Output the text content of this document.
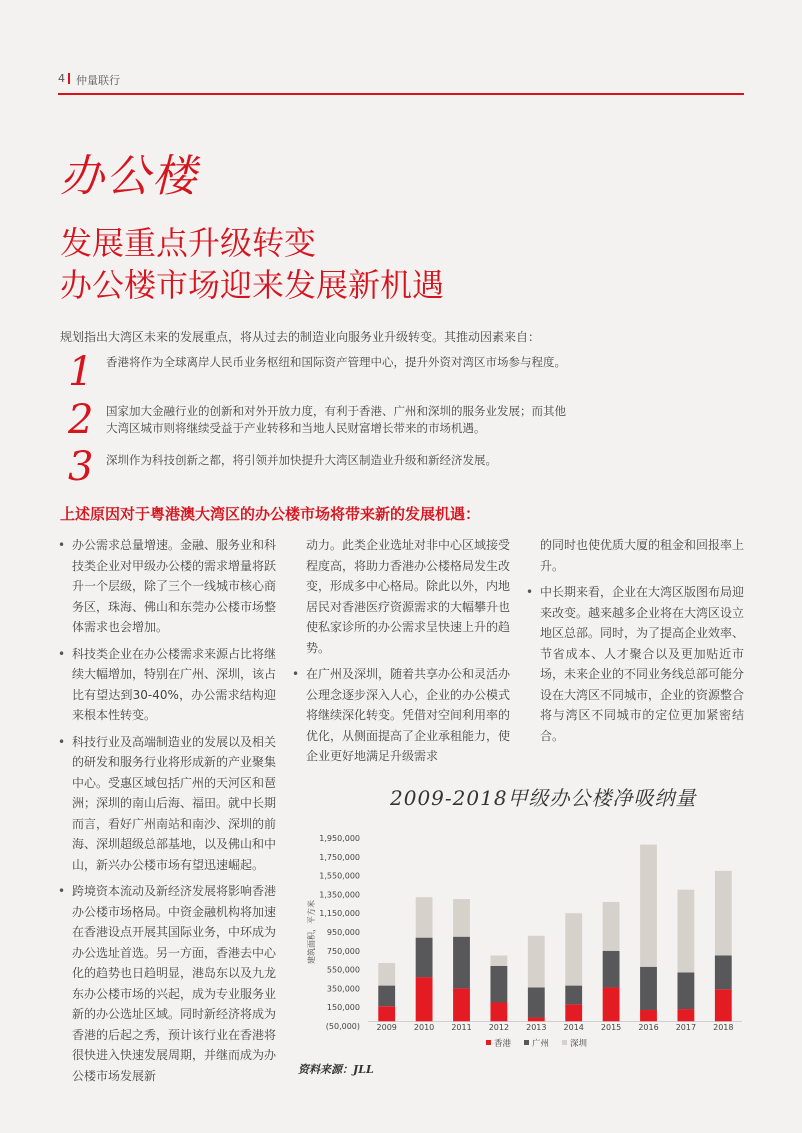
4 仲量联行
办公楼
发展重点升级转变
办公楼市场迎来发展新机遇
规划指出大湾区未来的发展重点，将从过去的制造业向服务业升级转变。其推动因素来自：
1 香港将作为全球离岸人民币业务枢纽和国际资产管理中心，提升外资对湾区市场参与程度。
2 国家加大金融行业的创新和对外开放力度，有利于香港、广州和深圳的服务业发展；而其他大湾区城市则将继续受益于产业转移和当地人民财富增长带来的市场机遇。
3 深圳作为科技创新之都，将引领并加快提升大湾区制造业升级和新经济发展。
上述原因对于粤港澳大湾区的办公楼市场将带来新的发展机遇：
• 办公需求总量增速。金融、服务业和科技类企业对甲级办公楼的需求增量将跃升一个层级，除了三个一线城市核心商务区，珠海、佛山和东莞办公楼市场整体需求也会增加。
• 科技类企业在办公楼需求来源占比将继续大幅增加，特别在广州、深圳，该占比有望达到30-40%，办公需求结构迎来根本性转变。
• 科技行业及高端制造业的发展以及相关的研发和服务行业将形成新的产业聚集中心。受惠区域包括广州的天河区和琶洲；深圳的南山后海、福田。就中长期而言，看好广州南站和南沙、深圳的前海、深圳超级总部基地，以及佛山和中山，新兴办公楼市场有望迅速崛起。
• 跨境资本流动及新经济发展将影响香港办公楼市场格局。中资金融机构将加速在香港设点开展其国际业务，中环成为办公选址首选。另一方面，香港去中心化的趋势也日趋明显，港岛东以及九龙东办公楼市场的兴起，成为专业服务业新的办公选址区域。同时新经济将成为香港的后起之秀，预计该行业在香港将很快进入快速发展周期，并继而成为办公楼市场发展新

动力。此类企业选址对非中心区域接受程度高，将助力香港办公楼格局发生改变，形成多中心格局。除此以外，内地居民对香港医疗资源需求的大幅攀升也使私家诊所的办公需求呈快速上升的趋势。

• 在广州及深圳，随着共享办公和灵活办公理念逐步深入人心，企业的办公模式将继续深化转变。凭借对空间利用率的优化，从侧面提高了企业承租能力，使企业更好地满足升级需求

的同时也使优质大厦的租金和回报率上升。

• 中长期来看，企业在大湾区版图布局迎来改变。越来越多企业将在大湾区设立地区总部。同时，为了提高企业效率、节省成本、人才聚合以及更加贴近市场，未来企业的不同业务线总部可能分设在大湾区不同城市，企业的资源整合将与湾区不同城市的定位更加紧密结合。
2009-2018甲级办公楼净吸纳量
(50,000)
150,000
350,000
550,000
750,000
950,000
1,150,000
1,350,000
1,550,000
1,750,000
1,950,000
建筑面积，平方米
2009 2010 2011 2012 2013 2014 2015 2016 2017 2018
香港 广州 深圳
资料来源：JLL
